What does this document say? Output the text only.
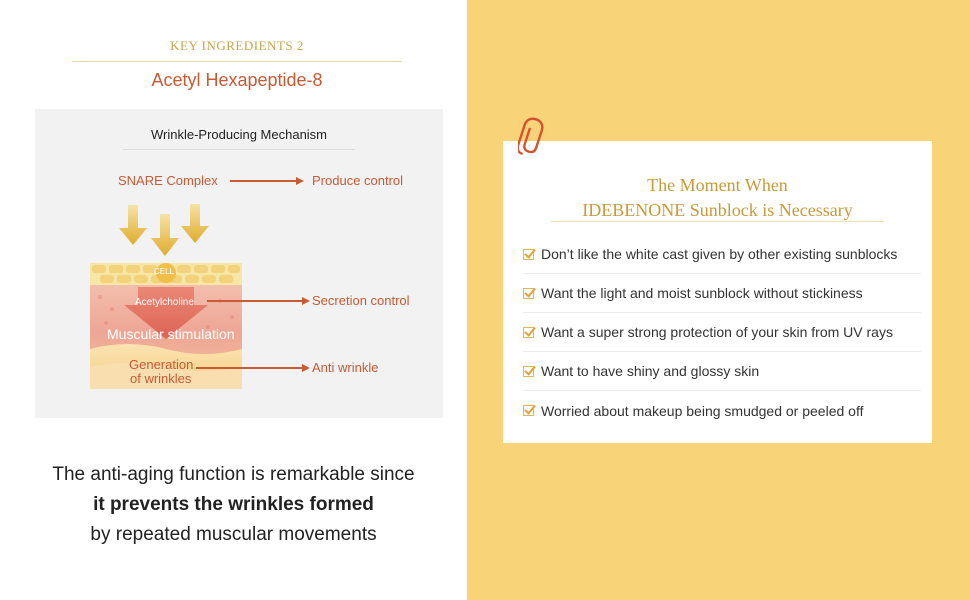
KEY INGREDIENTS 2
Acetyl Hexapeptide-8
Wrinkle-Producing Mechanism
SNARE Complex	Produce control
CELL
Acetylcholine
Muscular stimulation
Generation
of wrinkles
Secretion control
Anti wrinkle
The anti-aging function is remarkable since
it prevents the wrinkles formed
by repeated muscular movements
The Moment When
IDEBENONE Sunblock is Necessary
Don’t like the white cast given by other existing sunblocks
Want the light and moist sunblock without stickiness
Want a super strong protection of your skin from UV rays
Want to have shiny and glossy skin
Worried about makeup being smudged or peeled off
